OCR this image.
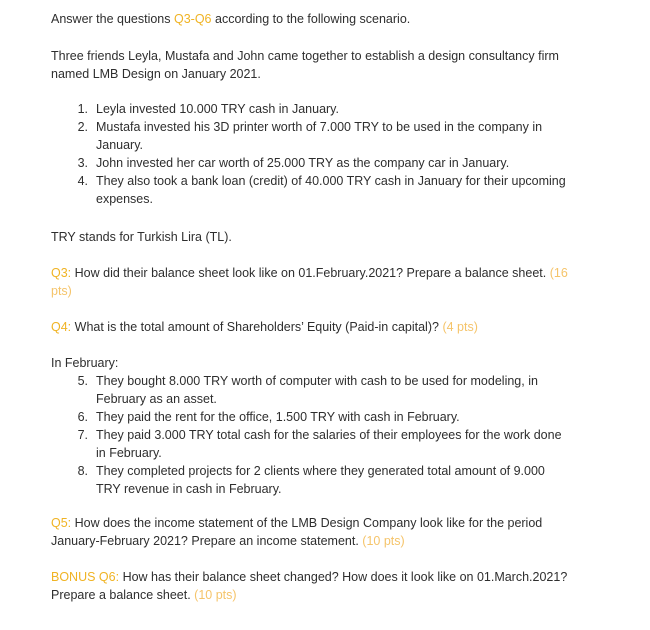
Answer the questions Q3-Q6 according to the following scenario.
Three friends Leyla, Mustafa and John came together to establish a design consultancy firm
named LMB Design on January 2021.
1. Leyla invested 10.000 TRY cash in January.
2. Mustafa invested his 3D printer worth of 7.000 TRY to be used in the company in
January.
3. John invested her car worth of 25.000 TRY as the company car in January.
4. They also took a bank loan (credit) of 40.000 TRY cash in January for their upcoming
expenses.
TRY stands for Turkish Lira (TL).
Q3: How did their balance sheet look like on 01.February.2021? Prepare a balance sheet. (16
pts)
Q4: What is the total amount of Shareholders’ Equity (Paid-in capital)? (4 pts)
In February:
5. They bought 8.000 TRY worth of computer with cash to be used for modeling, in
February as an asset.
6. They paid the rent for the office, 1.500 TRY with cash in February.
7. They paid 3.000 TRY total cash for the salaries of their employees for the work done
in February.
8. They completed projects for 2 clients where they generated total amount of 9.000
TRY revenue in cash in February.
Q5: How does the income statement of the LMB Design Company look like for the period
January-February 2021? Prepare an income statement. (10 pts)
BONUS Q6: How has their balance sheet changed? How does it look like on 01.March.2021?
Prepare a balance sheet. (10 pts)
